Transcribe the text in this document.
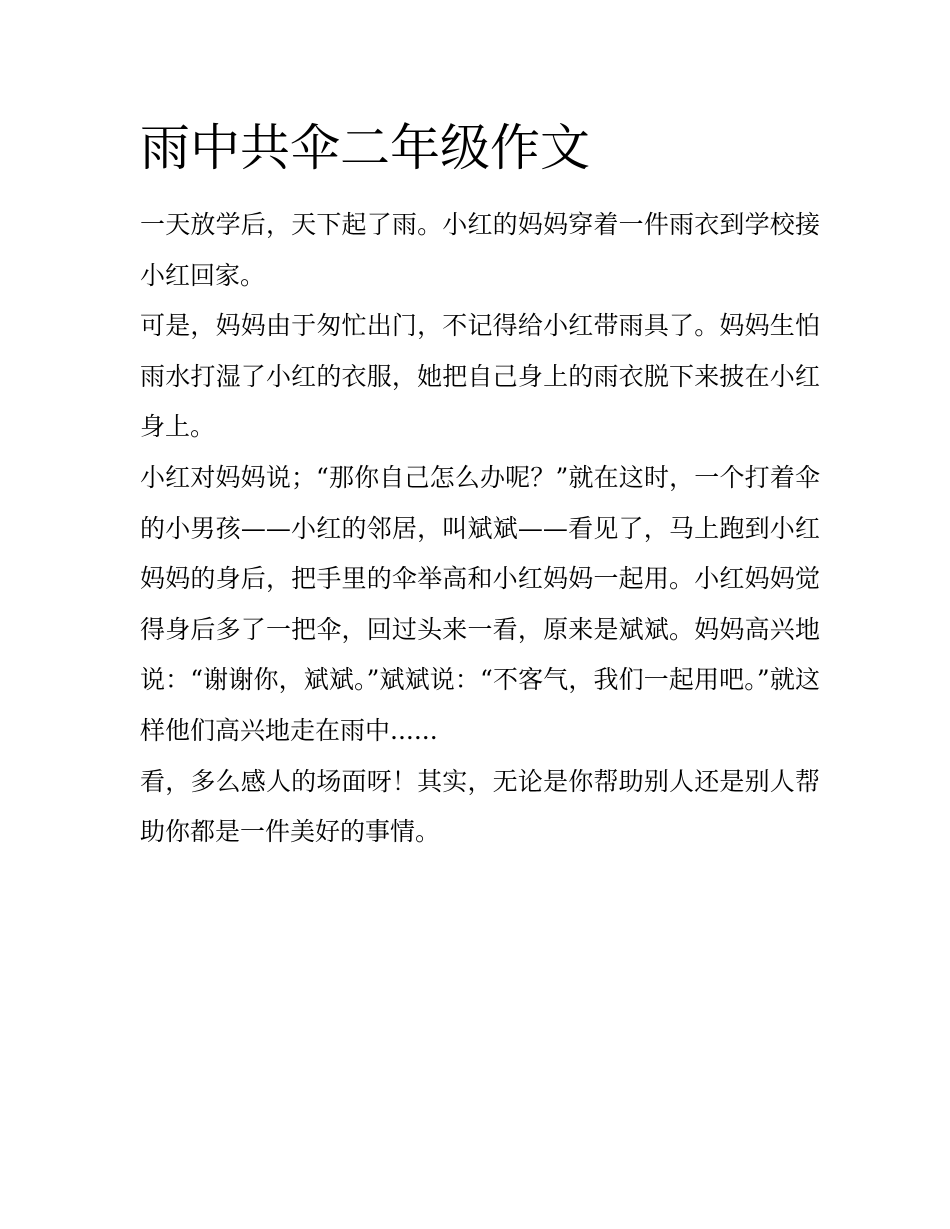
雨中共伞二年级作文

一天放学后，天下起了雨。小红的妈妈穿着一件雨衣到学校接小红回家。

可是，妈妈由于匆忙出门，不记得给小红带雨具了。妈妈生怕雨水打湿了小红的衣服，她把自己身上的雨衣脱下来披在小红身上。

小红对妈妈说；“那你自己怎么办呢？”就在这时，一个打着伞的小男孩——小红的邻居，叫斌斌——看见了，马上跑到小红妈妈的身后，把手里的伞举高和小红妈妈一起用。小红妈妈觉得身后多了一把伞，回过头来一看，原来是斌斌。妈妈高兴地说：“谢谢你，斌斌。”斌斌说：“不客气，我们一起用吧。”就这样他们高兴地走在雨中......

看，多么感人的场面呀！其实，无论是你帮助别人还是别人帮助你都是一件美好的事情。
